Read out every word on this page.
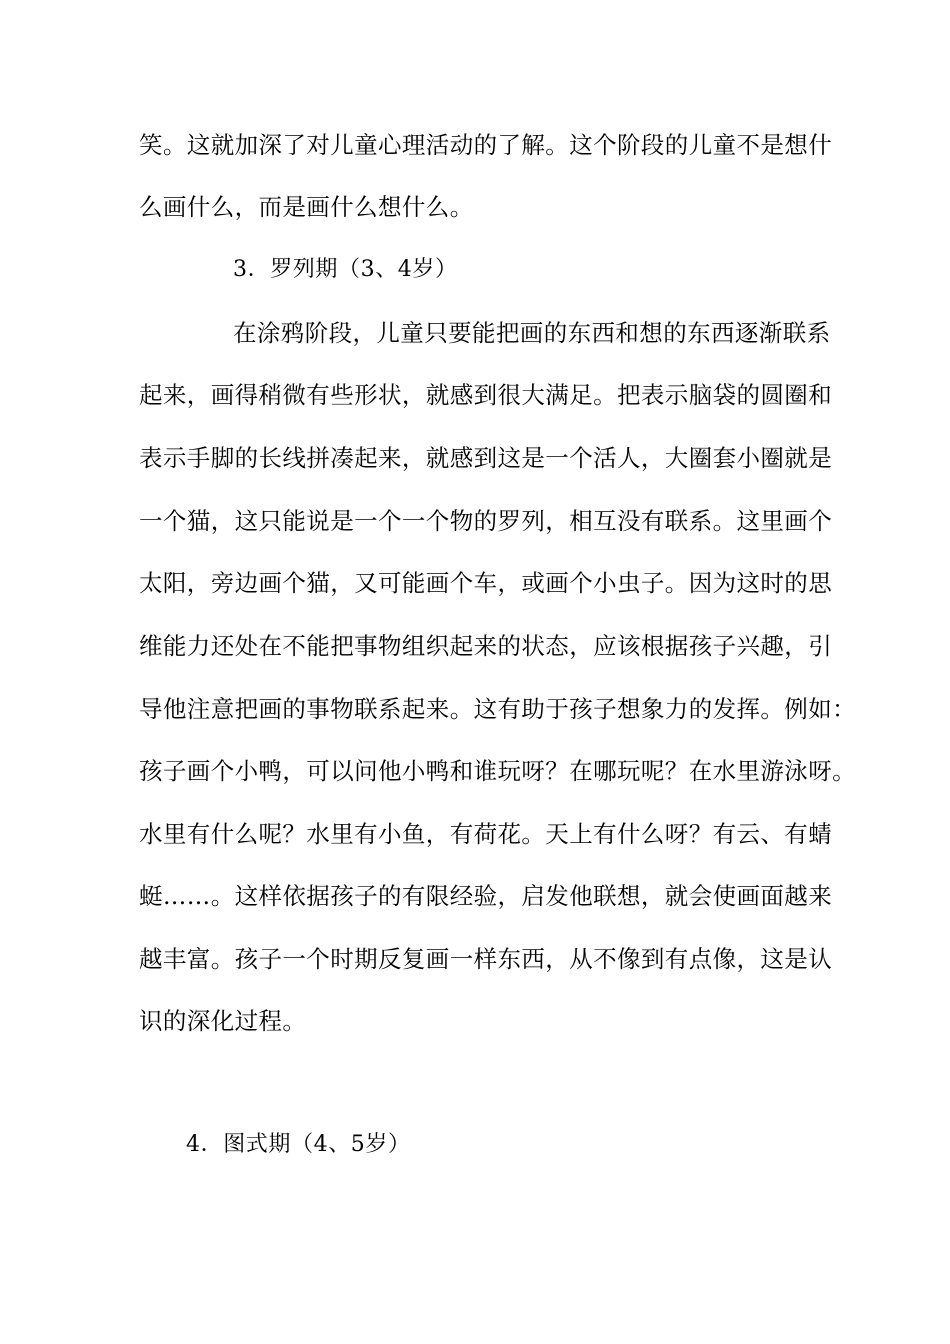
笑。这就加深了对儿童心理活动的了解。这个阶段的儿童不是想什
么画什么，而是画什么想什么。
3．罗列期（3、4岁）
在涂鸦阶段，儿童只要能把画的东西和想的东西逐渐联系
起来，画得稍微有些形状，就感到很大满足。把表示脑袋的圆圈和
表示手脚的长线拼凑起来，就感到这是一个活人，大圈套小圈就是
一个猫，这只能说是一个一个物的罗列，相互没有联系。这里画个
太阳，旁边画个猫，又可能画个车，或画个小虫子。因为这时的思
维能力还处在不能把事物组织起来的状态，应该根据孩子兴趣，引
导他注意把画的事物联系起来。这有助于孩子想象力的发挥。例如：
孩子画个小鸭，可以问他小鸭和谁玩呀？在哪玩呢？在水里游泳呀。
水里有什么呢？水里有小鱼，有荷花。天上有什么呀？有云、有蜻
蜓……。这样依据孩子的有限经验，启发他联想，就会使画面越来
越丰富。孩子一个时期反复画一样东西，从不像到有点像，这是认
识的深化过程。
4．图式期（4、5岁）
